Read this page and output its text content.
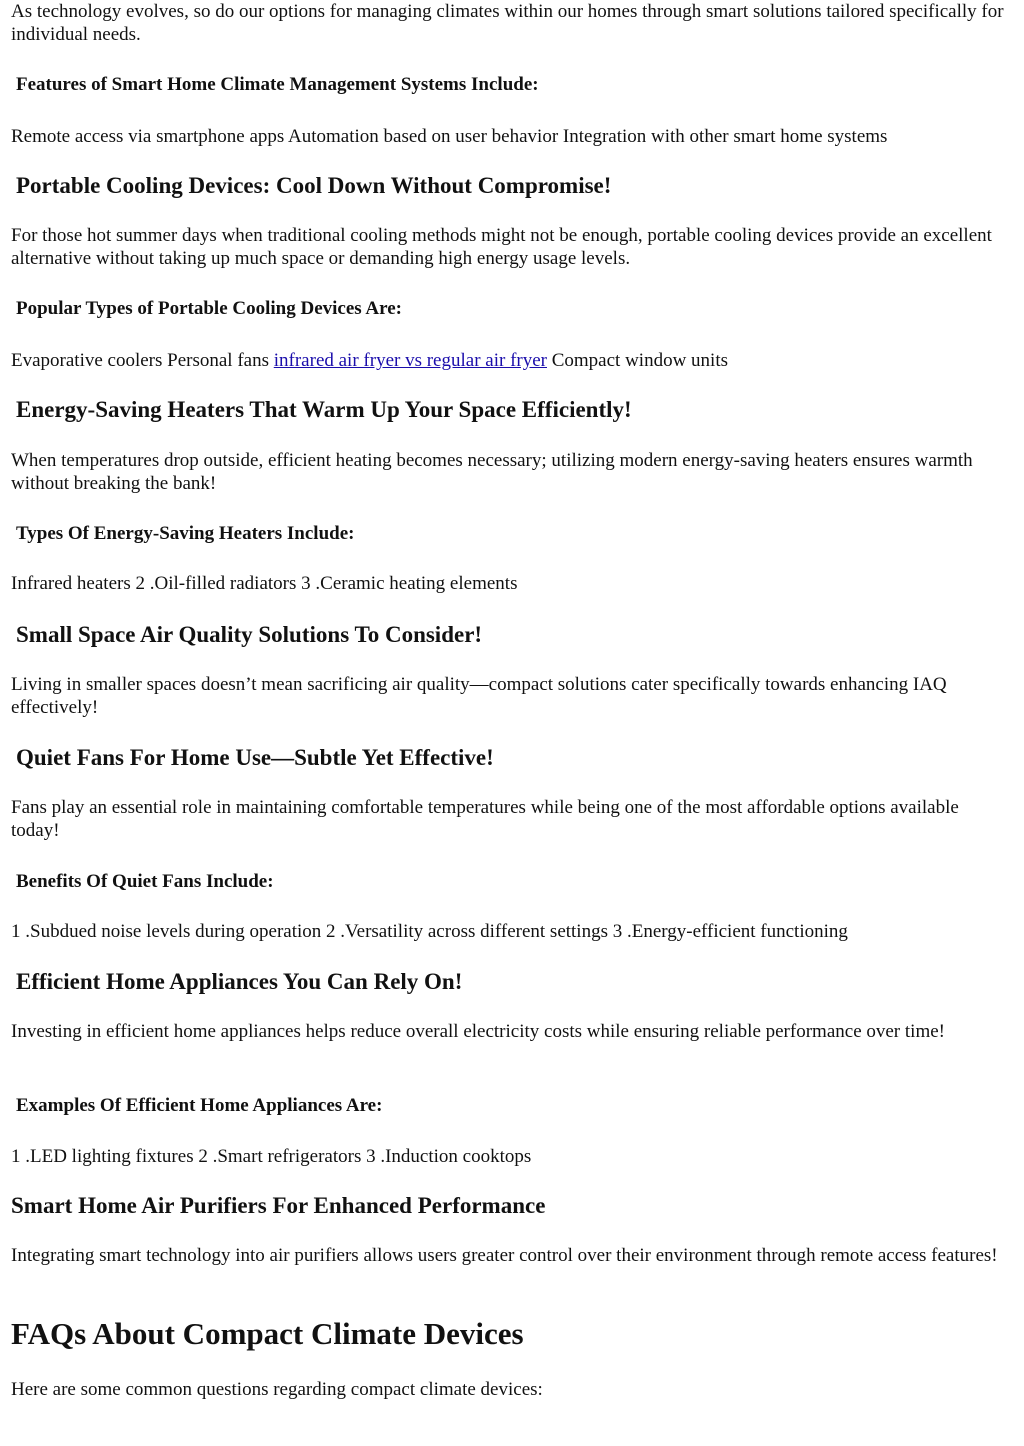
As technology evolves, so do our options for managing climates within our homes through smart solutions tailored specifically for individual needs.

Features of Smart Home Climate Management Systems Include:

Remote access via smartphone apps Automation based on user behavior Integration with other smart home systems

Portable Cooling Devices: Cool Down Without Compromise!

For those hot summer days when traditional cooling methods might not be enough, portable cooling devices provide an excellent alternative without taking up much space or demanding high energy usage levels.

Popular Types of Portable Cooling Devices Are:

Evaporative coolers Personal fans infrared air fryer vs regular air fryer Compact window units

Energy-Saving Heaters That Warm Up Your Space Efficiently!

When temperatures drop outside, efficient heating becomes necessary; utilizing modern energy-saving heaters ensures warmth without breaking the bank!

Types Of Energy-Saving Heaters Include:

Infrared heaters 2 .Oil-filled radiators 3 .Ceramic heating elements

Small Space Air Quality Solutions To Consider!

Living in smaller spaces doesn’t mean sacrificing air quality—compact solutions cater specifically towards enhancing IAQ effectively!

Quiet Fans For Home Use—Subtle Yet Effective!

Fans play an essential role in maintaining comfortable temperatures while being one of the most affordable options available today!

Benefits Of Quiet Fans Include:

1 .Subdued noise levels during operation 2 .Versatility across different settings 3 .Energy-efficient functioning

Efficient Home Appliances You Can Rely On!

Investing in efficient home appliances helps reduce overall electricity costs while ensuring reliable performance over time!

Examples Of Efficient Home Appliances Are:

1 .LED lighting fixtures 2 .Smart refrigerators 3 .Induction cooktops

Smart Home Air Purifiers For Enhanced Performance

Integrating smart technology into air purifiers allows users greater control over their environment through remote access features!

FAQs About Compact Climate Devices

Here are some common questions regarding compact climate devices:
